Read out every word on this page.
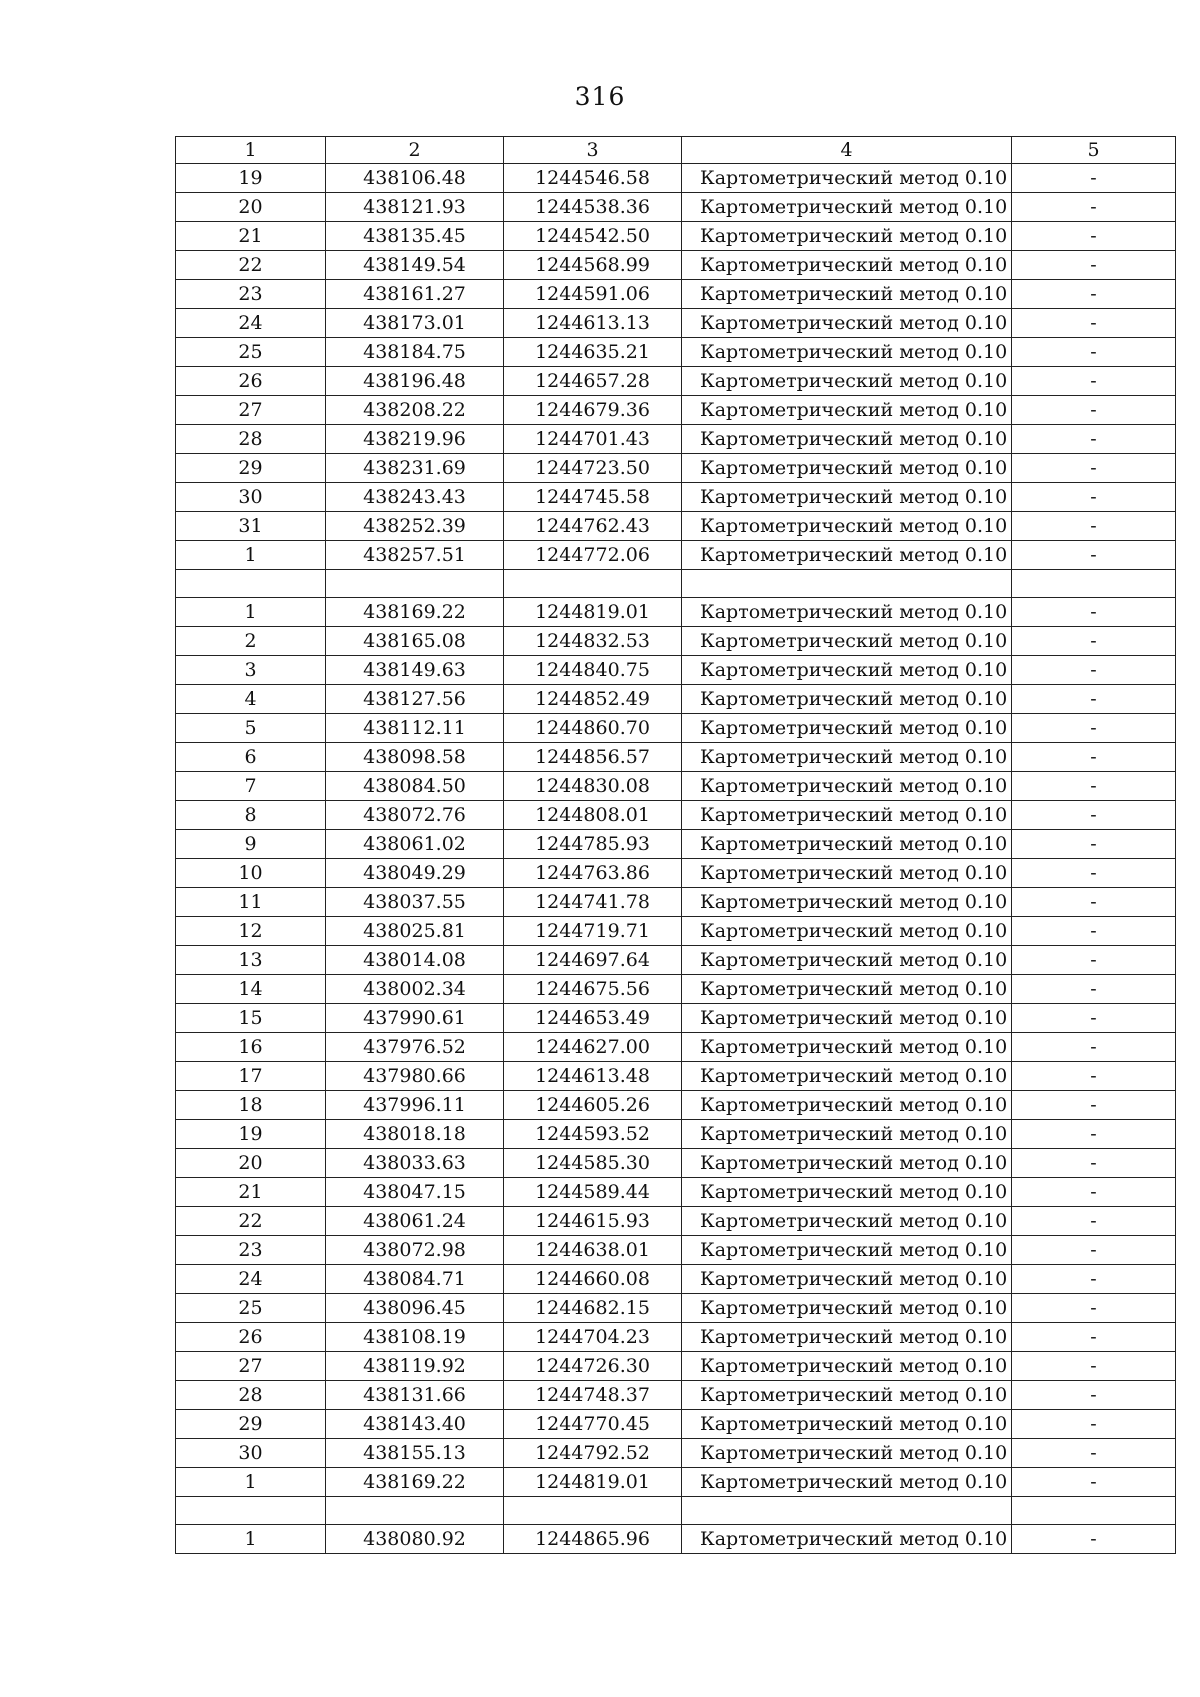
316
1	2	3	4	5
19	438106.48	1244546.58	Картометрический метод 0.10	-
20	438121.93	1244538.36	Картометрический метод 0.10	-
21	438135.45	1244542.50	Картометрический метод 0.10	-
22	438149.54	1244568.99	Картометрический метод 0.10	-
23	438161.27	1244591.06	Картометрический метод 0.10	-
24	438173.01	1244613.13	Картометрический метод 0.10	-
25	438184.75	1244635.21	Картометрический метод 0.10	-
26	438196.48	1244657.28	Картометрический метод 0.10	-
27	438208.22	1244679.36	Картометрический метод 0.10	-
28	438219.96	1244701.43	Картометрический метод 0.10	-
29	438231.69	1244723.50	Картометрический метод 0.10	-
30	438243.43	1244745.58	Картометрический метод 0.10	-
31	438252.39	1244762.43	Картометрический метод 0.10	-
1	438257.51	1244772.06	Картометрический метод 0.10	-

1	438169.22	1244819.01	Картометрический метод 0.10	-
2	438165.08	1244832.53	Картометрический метод 0.10	-
3	438149.63	1244840.75	Картометрический метод 0.10	-
4	438127.56	1244852.49	Картометрический метод 0.10	-
5	438112.11	1244860.70	Картометрический метод 0.10	-
6	438098.58	1244856.57	Картометрический метод 0.10	-
7	438084.50	1244830.08	Картометрический метод 0.10	-
8	438072.76	1244808.01	Картометрический метод 0.10	-
9	438061.02	1244785.93	Картометрический метод 0.10	-
10	438049.29	1244763.86	Картометрический метод 0.10	-
11	438037.55	1244741.78	Картометрический метод 0.10	-
12	438025.81	1244719.71	Картометрический метод 0.10	-
13	438014.08	1244697.64	Картометрический метод 0.10	-
14	438002.34	1244675.56	Картометрический метод 0.10	-
15	437990.61	1244653.49	Картометрический метод 0.10	-
16	437976.52	1244627.00	Картометрический метод 0.10	-
17	437980.66	1244613.48	Картометрический метод 0.10	-
18	437996.11	1244605.26	Картометрический метод 0.10	-
19	438018.18	1244593.52	Картометрический метод 0.10	-
20	438033.63	1244585.30	Картометрический метод 0.10	-
21	438047.15	1244589.44	Картометрический метод 0.10	-
22	438061.24	1244615.93	Картометрический метод 0.10	-
23	438072.98	1244638.01	Картометрический метод 0.10	-
24	438084.71	1244660.08	Картометрический метод 0.10	-
25	438096.45	1244682.15	Картометрический метод 0.10	-
26	438108.19	1244704.23	Картометрический метод 0.10	-
27	438119.92	1244726.30	Картометрический метод 0.10	-
28	438131.66	1244748.37	Картометрический метод 0.10	-
29	438143.40	1244770.45	Картометрический метод 0.10	-
30	438155.13	1244792.52	Картометрический метод 0.10	-
1	438169.22	1244819.01	Картометрический метод 0.10	-

1	438080.92	1244865.96	Картометрический метод 0.10	-
